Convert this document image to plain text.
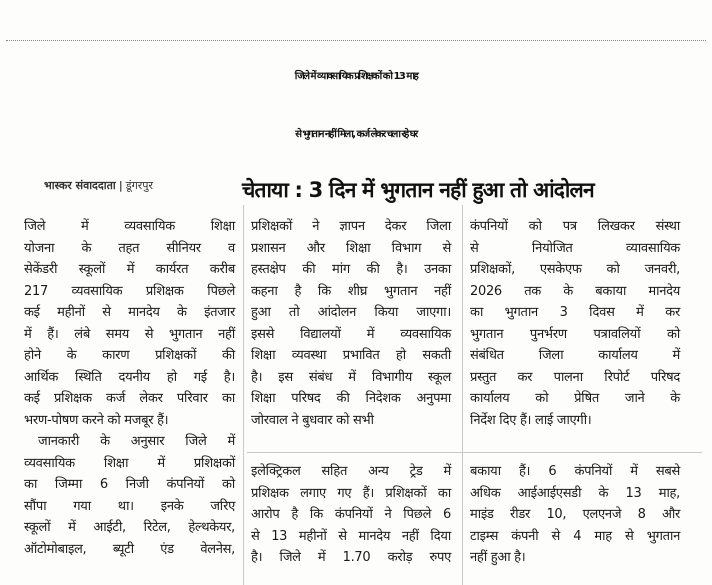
जिले में व्यावसायिक प्रशिक्षकों को 13 माह
से भुगतान नहीं मिला, कर्ज लेकर चला रहे घर
भास्कर संवाददाता | डूंगरपुर	चेताया : 3 दिन में भुगतान नहीं हुआ तो आंदोलन
जिले में व्यवसायिक शिक्षा
योजना के तहत सीनियर व
सेकेंडरी स्कूलों में कार्यरत करीब
217 व्यवसायिक प्रशिक्षक पिछले
कई महीनों से मानदेय के इंतजार
में हैं। लंबे समय से भुगतान नहीं
होने के कारण प्रशिक्षकों की
आर्थिक स्थिति दयनीय हो गई है।
कई प्रशिक्षक कर्ज लेकर परिवार का
भरण-पोषण करने को मजबूर हैं।
जानकारी के अनुसार जिले में
व्यवसायिक शिक्षा में प्रशिक्षकों
का जिम्मा 6 निजी कंपनियों को
सौंपा गया था। इनके जरिए
स्कूलों में आईटी, रिटेल, हेल्थकेयर,
ऑटोमोबाइल, ब्यूटी एंड वेलनेस,
प्रशिक्षकों ने ज्ञापन देकर जिला
प्रशासन और शिक्षा विभाग से
हस्तक्षेप की मांग की है। उनका
कहना है कि शीघ्र भुगतान नहीं
हुआ तो आंदोलन किया जाएगा।
इससे विद्यालयों में व्यवसायिक
शिक्षा व्यवस्था प्रभावित हो सकती
है। इस संबंध में विभागीय स्कूल
शिक्षा परिषद की निदेशक अनुपमा
जोरवाल ने बुधवार को सभी
कंपनियों को पत्र लिखकर संस्था
से नियोजित व्यावसायिक
प्रशिक्षकों, एसकेएफ को जनवरी,
2026 तक के बकाया मानदेय
का भुगतान 3 दिवस में कर
भुगतान पुनर्भरण पत्रावलियों को
संबंधित जिला कार्यालय में
प्रस्तुत कर पालना रिपोर्ट परिषद
कार्यालय को प्रेषित जाने के
निर्देश दिए हैं। लाई जाएगी।
इलेक्ट्रिकल सहित अन्य ट्रेड में
प्रशिक्षक लगाए गए हैं। प्रशिक्षकों का
आरोप है कि कंपनियों ने पिछले 6
से 13 महीनों से मानदेय नहीं दिया
है। जिले में 1.70 करोड़ रुपए
बकाया हैं। 6 कंपनियों में सबसे
अधिक आईआईएसडी के 13 माह,
माइंड रीडर 10, एलएनजे 8 और
टाइम्स कंपनी से 4 माह से भुगतान
नहीं हुआ है।
